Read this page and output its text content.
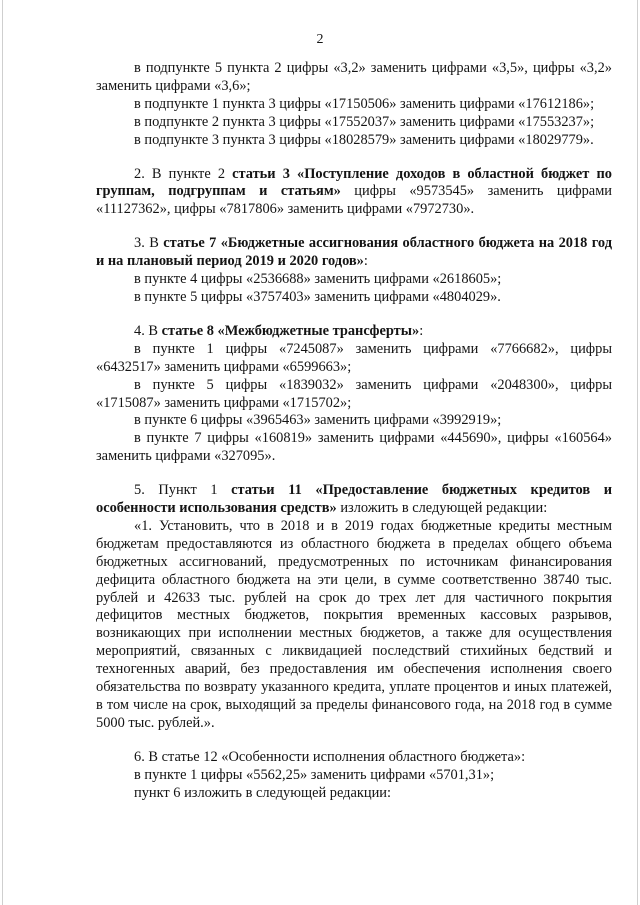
2

в подпункте 5 пункта 2 цифры «3,2» заменить цифрами «3,5», цифры «3,2» заменить цифрами «3,6»;

в подпункте 1 пункта 3 цифры «17150506» заменить цифрами «17612186»;

в подпункте 2 пункта 3 цифры «17552037» заменить цифрами «17553237»;

в подпункте 3 пункта 3 цифры «18028579» заменить цифрами «18029779».

2. В пункте 2 статьи 3 «Поступление доходов в областной бюджет по группам, подгруппам и статьям» цифры «9573545» заменить цифрами «11127362», цифры «7817806» заменить цифрами «7972730».

3. В статье 7 «Бюджетные ассигнования областного бюджета на 2018 год и на плановый период 2019 и 2020 годов»:

в пункте 4 цифры «2536688» заменить цифрами «2618605»;

в пункте 5 цифры «3757403» заменить цифрами «4804029».

4. В статье 8 «Межбюджетные трансферты»:

в пункте 1 цифры «7245087» заменить цифрами «7766682», цифры «6432517» заменить цифрами «6599663»;

в пункте 5 цифры «1839032» заменить цифрами «2048300», цифры «1715087» заменить цифрами «1715702»;

в пункте 6 цифры «3965463» заменить цифрами «3992919»;

в пункте 7 цифры «160819» заменить цифрами «445690», цифры «160564» заменить цифрами «327095».

5. Пункт 1 статьи 11 «Предоставление бюджетных кредитов и особенности использования средств» изложить в следующей редакции:

«1. Установить, что в 2018 и в 2019 годах бюджетные кредиты местным бюджетам предоставляются из областного бюджета в пределах общего объема бюджетных ассигнований, предусмотренных по источникам финансирования дефицита областного бюджета на эти цели, в сумме соответственно 38740 тыс. рублей и 42633 тыс. рублей на срок до трех лет для частичного покрытия дефицитов местных бюджетов, покрытия временных кассовых разрывов, возникающих при исполнении местных бюджетов, а также для осуществления мероприятий, связанных с ликвидацией последствий стихийных бедствий и техногенных аварий, без предоставления им обеспечения исполнения своего обязательства по возврату указанного кредита, уплате процентов и иных платежей, в том числе на срок, выходящий за пределы финансового года, на 2018 год в сумме 5000 тыс. рублей.».

6. В статье 12 «Особенности исполнения областного бюджета»:

в пункте 1 цифры «5562,25» заменить цифрами «5701,31»;

пункт 6 изложить в следующей редакции:
